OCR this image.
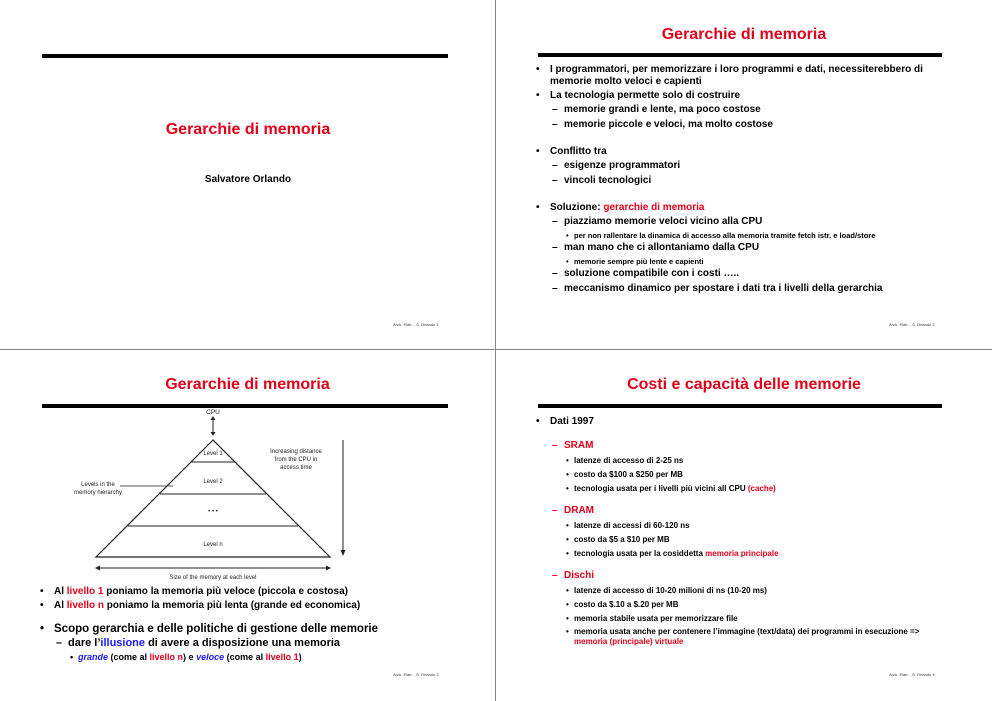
Gerarchie di memoria
Salvatore Orlando
Arch. Elab. - S. Orlando 1
Gerarchie di memoria
• I programmatori, per memorizzare i loro programmi e dati, necessiterebbero di memorie molto veloci e capienti
• La tecnologia permette solo di costruire
– memorie grandi e lente, ma poco costose
– memorie piccole e veloci, ma molto costose
• Conflitto tra
– esigenze programmatori
– vincoli tecnologici
• Soluzione: gerarchie di memoria
– piazziamo memorie veloci vicino alla CPU
• per non rallentare la dinamica di accesso alla memoria tramite fetch istr. e load/store
– man mano che ci allontaniamo dalla CPU
• memorie sempre più lente e capienti
– soluzione compatibile con i costi …..
– meccanismo dinamico per spostare i dati tra i livelli della gerarchia
Arch. Elab. - S. Orlando 2
Gerarchie di memoria
CPU
Level 1
Level 2
• • •
Level n
Levels in the
memory hierarchy
Increasing distance
from the CPU in
access time
Size of the memory at each level
• Al livello 1 poniamo la memoria più veloce (piccola e costosa)
• Al livello n poniamo la memoria più lenta (grande ed economica)
• Scopo gerarchia e delle politiche di gestione delle memorie
– dare l’illusione di avere a disposizione una memoria
• grande (come al livello n) e veloce (come al livello 1)
Arch. Elab. - S. Orlando 3
Costi e capacità delle memorie
• Dati 1997
– SRAM
• latenze di accesso di 2-25 ns
• costo da $100 a $250 per MB
• tecnologia usata per i livelli più vicini all CPU (cache)
– DRAM
• latenze di accessi di 60-120 ns
• costo da $5 a $10 per MB
• tecnologia usata per la cosiddetta memoria principale
– Dischi
• latenze di accesso di 10-20 milioni di ns (10-20 ms)
• costo da $.10 a $.20 per MB
• memoria stabile usata per memorizzare file
• memoria usata anche per contenere l’immagine (text/data) dei programmi in esecuzione => memoria (principale) virtuale
Arch. Elab. - S. Orlando 4
